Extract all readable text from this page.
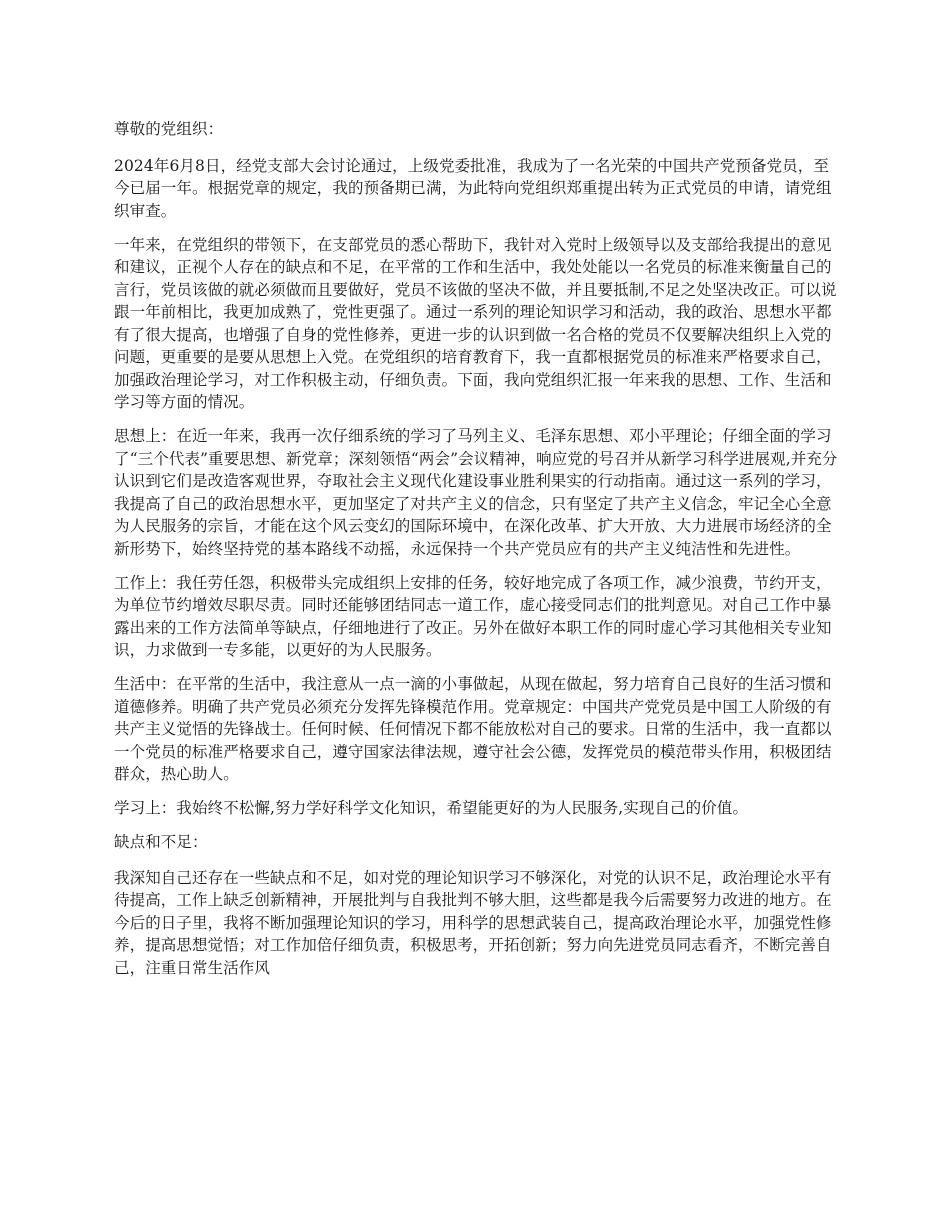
尊敬的党组织：

2024年6月8日，经党支部大会讨论通过，上级党委批准，我成为了一名光荣的中国共产党预备党员，至今已届一年。根据党章的规定，我的预备期已满，为此特向党组织郑重提出转为正式党员的申请，请党组织审查。

一年来，在党组织的带领下，在支部党员的悉心帮助下，我针对入党时上级领导以及支部给我提出的意见和建议，正视个人存在的缺点和不足，在平常的工作和生活中，我处处能以一名党员的标准来衡量自己的言行，党员该做的就必须做而且要做好，党员不该做的坚决不做，并且要抵制,不足之处坚决改正。可以说跟一年前相比，我更加成熟了，党性更强了。通过一系列的理论知识学习和活动，我的政治、思想水平都有了很大提高，也增强了自身的党性修养，更进一步的认识到做一名合格的党员不仅要解决组织上入党的问题，更重要的是要从思想上入党。在党组织的培育教育下，我一直都根据党员的标准来严格要求自己，加强政治理论学习，对工作积极主动，仔细负责。下面，我向党组织汇报一年来我的思想、工作、生活和学习等方面的情况。

思想上：在近一年来，我再一次仔细系统的学习了马列主义、毛泽东思想、邓小平理论；仔细全面的学习了“三个代表”重要思想、新党章；深刻领悟“两会”会议精神，响应党的号召并从新学习科学进展观,并充分认识到它们是改造客观世界，夺取社会主义现代化建设事业胜利果实的行动指南。通过这一系列的学习，我提高了自己的政治思想水平，更加坚定了对共产主义的信念，只有坚定了共产主义信念，牢记全心全意为人民服务的宗旨，才能在这个风云变幻的国际环境中，在深化改革、扩大开放、大力进展市场经济的全新形势下，始终坚持党的基本路线不动摇，永远保持一个共产党员应有的共产主义纯洁性和先进性。

工作上：我任劳任怨，积极带头完成组织上安排的任务，较好地完成了各项工作，减少浪费，节约开支，为单位节约增效尽职尽责。同时还能够团结同志一道工作，虚心接受同志们的批判意见。对自己工作中暴露出来的工作方法简单等缺点，仔细地进行了改正。另外在做好本职工作的同时虚心学习其他相关专业知识，力求做到一专多能，以更好的为人民服务。

生活中：在平常的生活中，我注意从一点一滴的小事做起，从现在做起，努力培育自己良好的生活习惯和道德修养。明确了共产党员必须充分发挥先锋模范作用。党章规定：中国共产党党员是中国工人阶级的有共产主义觉悟的先锋战士。任何时候、任何情况下都不能放松对自己的要求。日常的生活中，我一直都以一个党员的标准严格要求自己，遵守国家法律法规，遵守社会公德，发挥党员的模范带头作用，积极团结群众，热心助人。

学习上：我始终不松懈,努力学好科学文化知识，希望能更好的为人民服务,实现自己的价值。

缺点和不足：

我深知自己还存在一些缺点和不足，如对党的理论知识学习不够深化，对党的认识不足，政治理论水平有待提高，工作上缺乏创新精神，开展批判与自我批判不够大胆，这些都是我今后需要努力改进的地方。在今后的日子里，我将不断加强理论知识的学习，用科学的思想武装自己，提高政治理论水平，加强党性修养，提高思想觉悟；对工作加倍仔细负责，积极思考，开拓创新；努力向先进党员同志看齐，不断完善自己，注重日常生活作风
